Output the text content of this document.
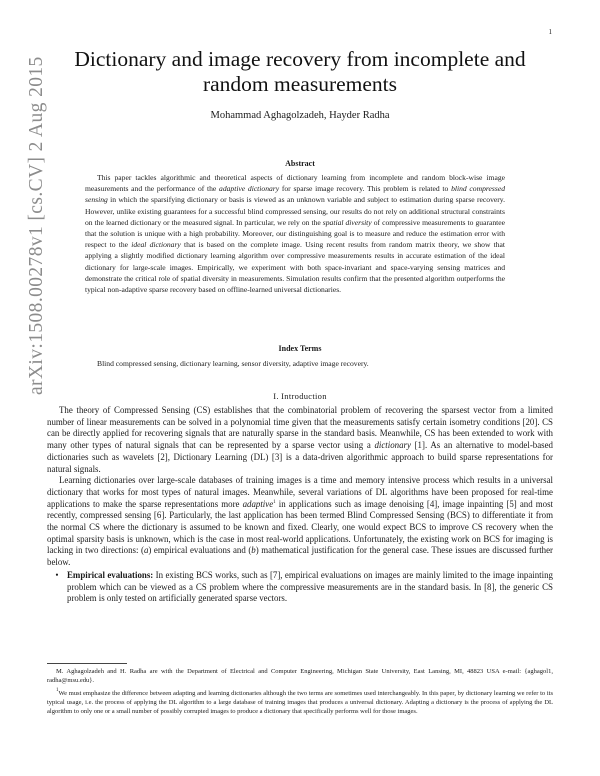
1
arXiv:1508.00278v1 [cs.CV] 2 Aug 2015	Dictionary and image recovery from incomplete and random measurements
Mohammad Aghagolzadeh, Hayder Radha
Abstract

This paper tackles algorithmic and theoretical aspects of dictionary learning from incomplete and random block-wise image measurements and the performance of the adaptive dictionary for sparse image recovery. This problem is related to blind compressed sensing in which the sparsifying dictionary or basis is viewed as an unknown variable and subject to estimation during sparse recovery. However, unlike existing guarantees for a successful blind compressed sensing, our results do not rely on additional structural constraints on the learned dictionary or the measured signal. In particular, we rely on the spatial diversity of compressive measurements to guarantee that the solution is unique with a high probability. Moreover, our distinguishing goal is to measure and reduce the estimation error with respect to the ideal dictionary that is based on the complete image. Using recent results from random matrix theory, we show that applying a slightly modified dictionary learning algorithm over compressive measurements results in accurate estimation of the ideal dictionary for large-scale images. Empirically, we experiment with both space-invariant and space-varying sensing matrices and demonstrate the critical role of spatial diversity in measurements. Simulation results confirm that the presented algorithm outperforms the typical non-adaptive sparse recovery based on offline-learned universal dictionaries.

Index Terms
Blind compressed sensing, dictionary learning, sensor diversity, adaptive image recovery.
I. Introduction

The theory of Compressed Sensing (CS) establishes that the combinatorial problem of recovering the sparsest vector from a limited number of linear measurements can be solved in a polynomial time given that the measurements satisfy certain isometry conditions [20]. CS can be directly applied for recovering signals that are naturally sparse in the standard basis. Meanwhile, CS has been extended to work with many other types of natural signals that can be represented by a sparse vector using a dictionary [1]. As an alternative to model-based dictionaries such as wavelets [2], Dictionary Learning (DL) [3] is a data-driven algorithmic approach to build sparse representations for natural signals.

Learning dictionaries over large-scale databases of training images is a time and memory intensive process which results in a universal dictionary that works for most types of natural images. Meanwhile, several variations of DL algorithms have been proposed for real-time applications to make the sparse representations more adaptive$^1$ in applications such as image denoising [4], image inpainting [5] and most recently, compressed sensing [6]. Particularly, the last application has been termed Blind Compressed Sensing (BCS) to differentiate it from the normal CS where the dictionary is assumed to be known and fixed. Clearly, one would expect BCS to improve CS recovery when the optimal sparsity basis is unknown, which is the case in most real-world applications. Unfortunately, the existing work on BCS for imaging is lacking in two directions: (a) empirical evaluations and (b) mathematical justification for the general case. These issues are discussed further below.

• Empirical evaluations: In existing BCS works, such as [7], empirical evaluations on images are mainly limited to the image inpainting problem which can be viewed as a CS problem where the compressive measurements are in the standard basis. In [8], the generic CS problem is only tested on artificially generated sparse vectors.

M. Aghagolzadeh and H. Radha are with the Department of Electrical and Computer Engineering, Michigan State University, East Lansing, MI, 48823 USA e-mail: {aghagol1, radha@msu.edu}.

$^1$We must emphasize the difference between adapting and learning dictionaries although the two terms are sometimes used interchangeably. In this paper, by dictionary learning we refer to its typical usage, i.e. the process of applying the DL algorithm to a large database of training images that produces a universal dictionary. Adapting a dictionary is the process of applying the DL algorithm to only one or a small number of possibly corrupted images to produce a dictionary that specifically performs well for those images.
